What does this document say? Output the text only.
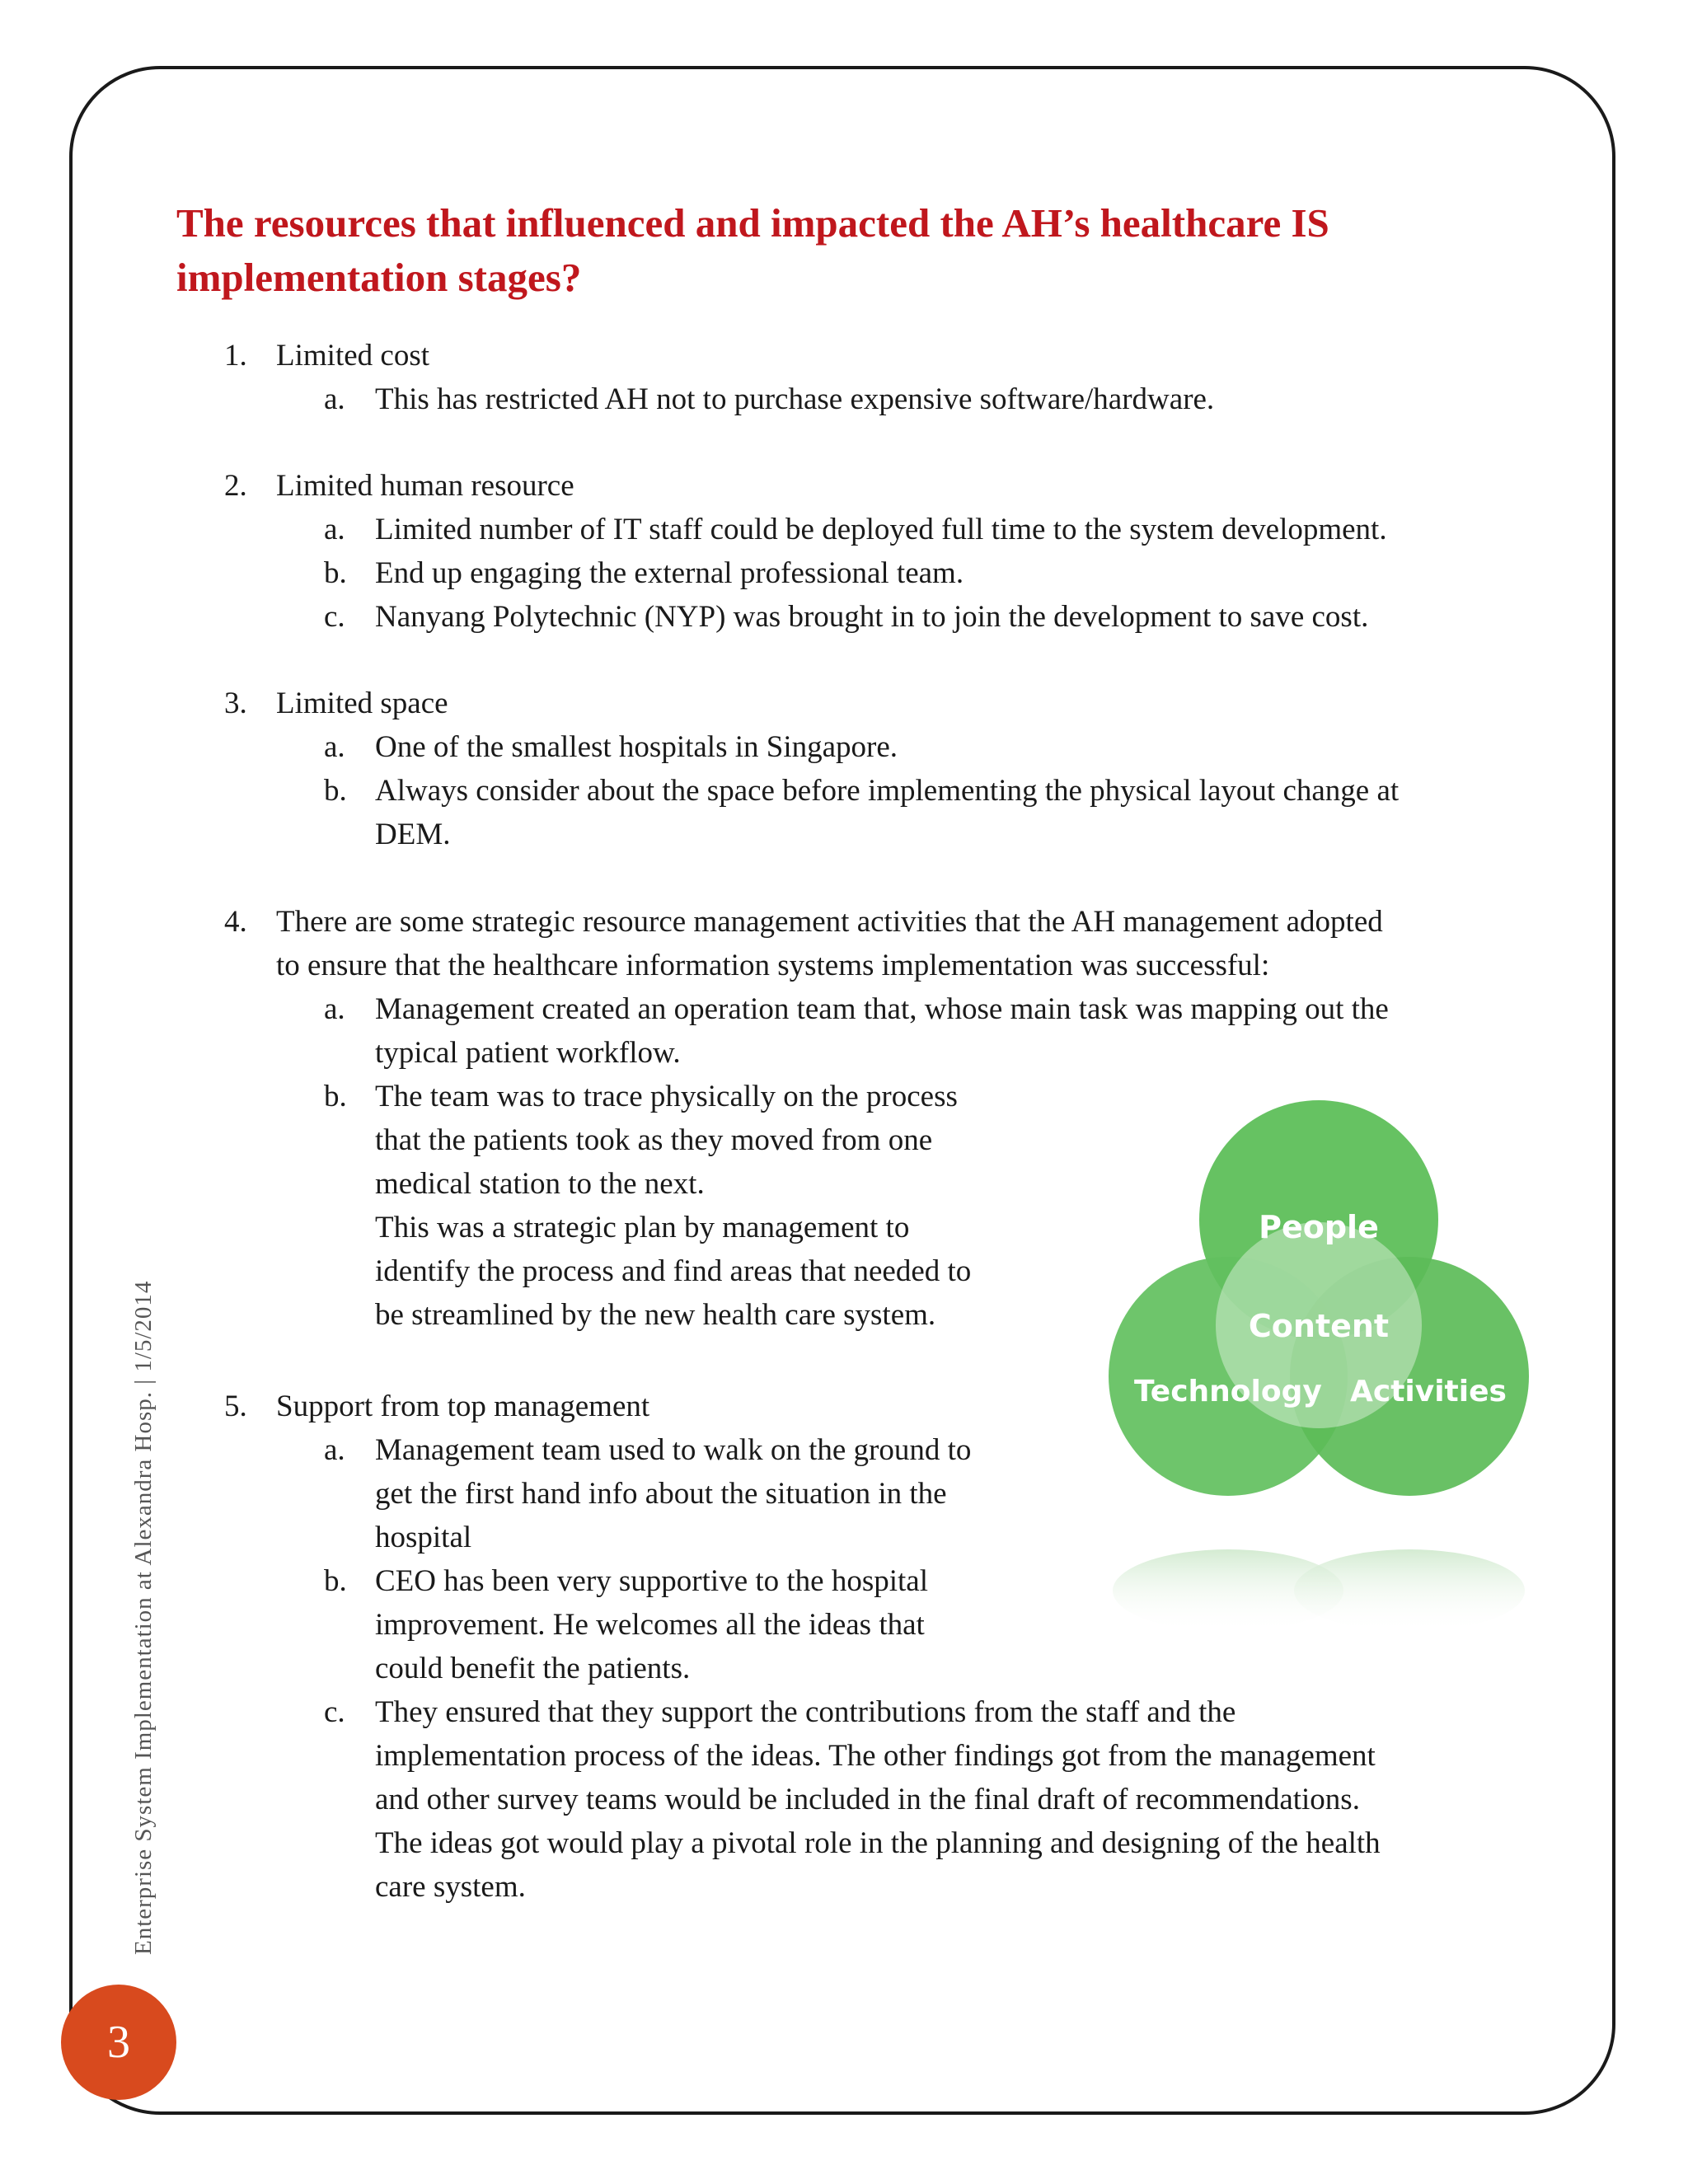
The resources that influenced and impacted the AH’s healthcare IS
implementation stages?
1. Limited cost
a. This has restricted AH not to purchase expensive software/hardware.
2. Limited human resource
a. Limited number of IT staff could be deployed full time to the system development.
b. End up engaging the external professional team.
c. Nanyang Polytechnic (NYP) was brought in to join the development to save cost.
3. Limited space
a. One of the smallest hospitals in Singapore.
b. Always consider about the space before implementing the physical layout change at
DEM.
4. There are some strategic resource management activities that the AH management adopted
to ensure that the healthcare information systems implementation was successful:
a. Management created an operation team that, whose main task was mapping out the
typical patient workflow.
b. The team was to trace physically on the process
that the patients took as they moved from one
medical station to the next.
This was a strategic plan by management to
identify the process and find areas that needed to
be streamlined by the new health care system.
5. Support from top management
a. Management team used to walk on the ground to
get the first hand info about the situation in the
hospital
b. CEO has been very supportive to the hospital
improvement. He welcomes all the ideas that
could benefit the patients.
c. They ensured that they support the contributions from the staff and the
implementation process of the ideas. The other findings got from the management
and other survey teams would be included in the final draft of recommendations.
The ideas got would play a pivotal role in the planning and designing of the health
care system.
People
Content
Technology Activities
Enterprise System Implementation at Alexandra Hosp. | 1/5/2014
3
